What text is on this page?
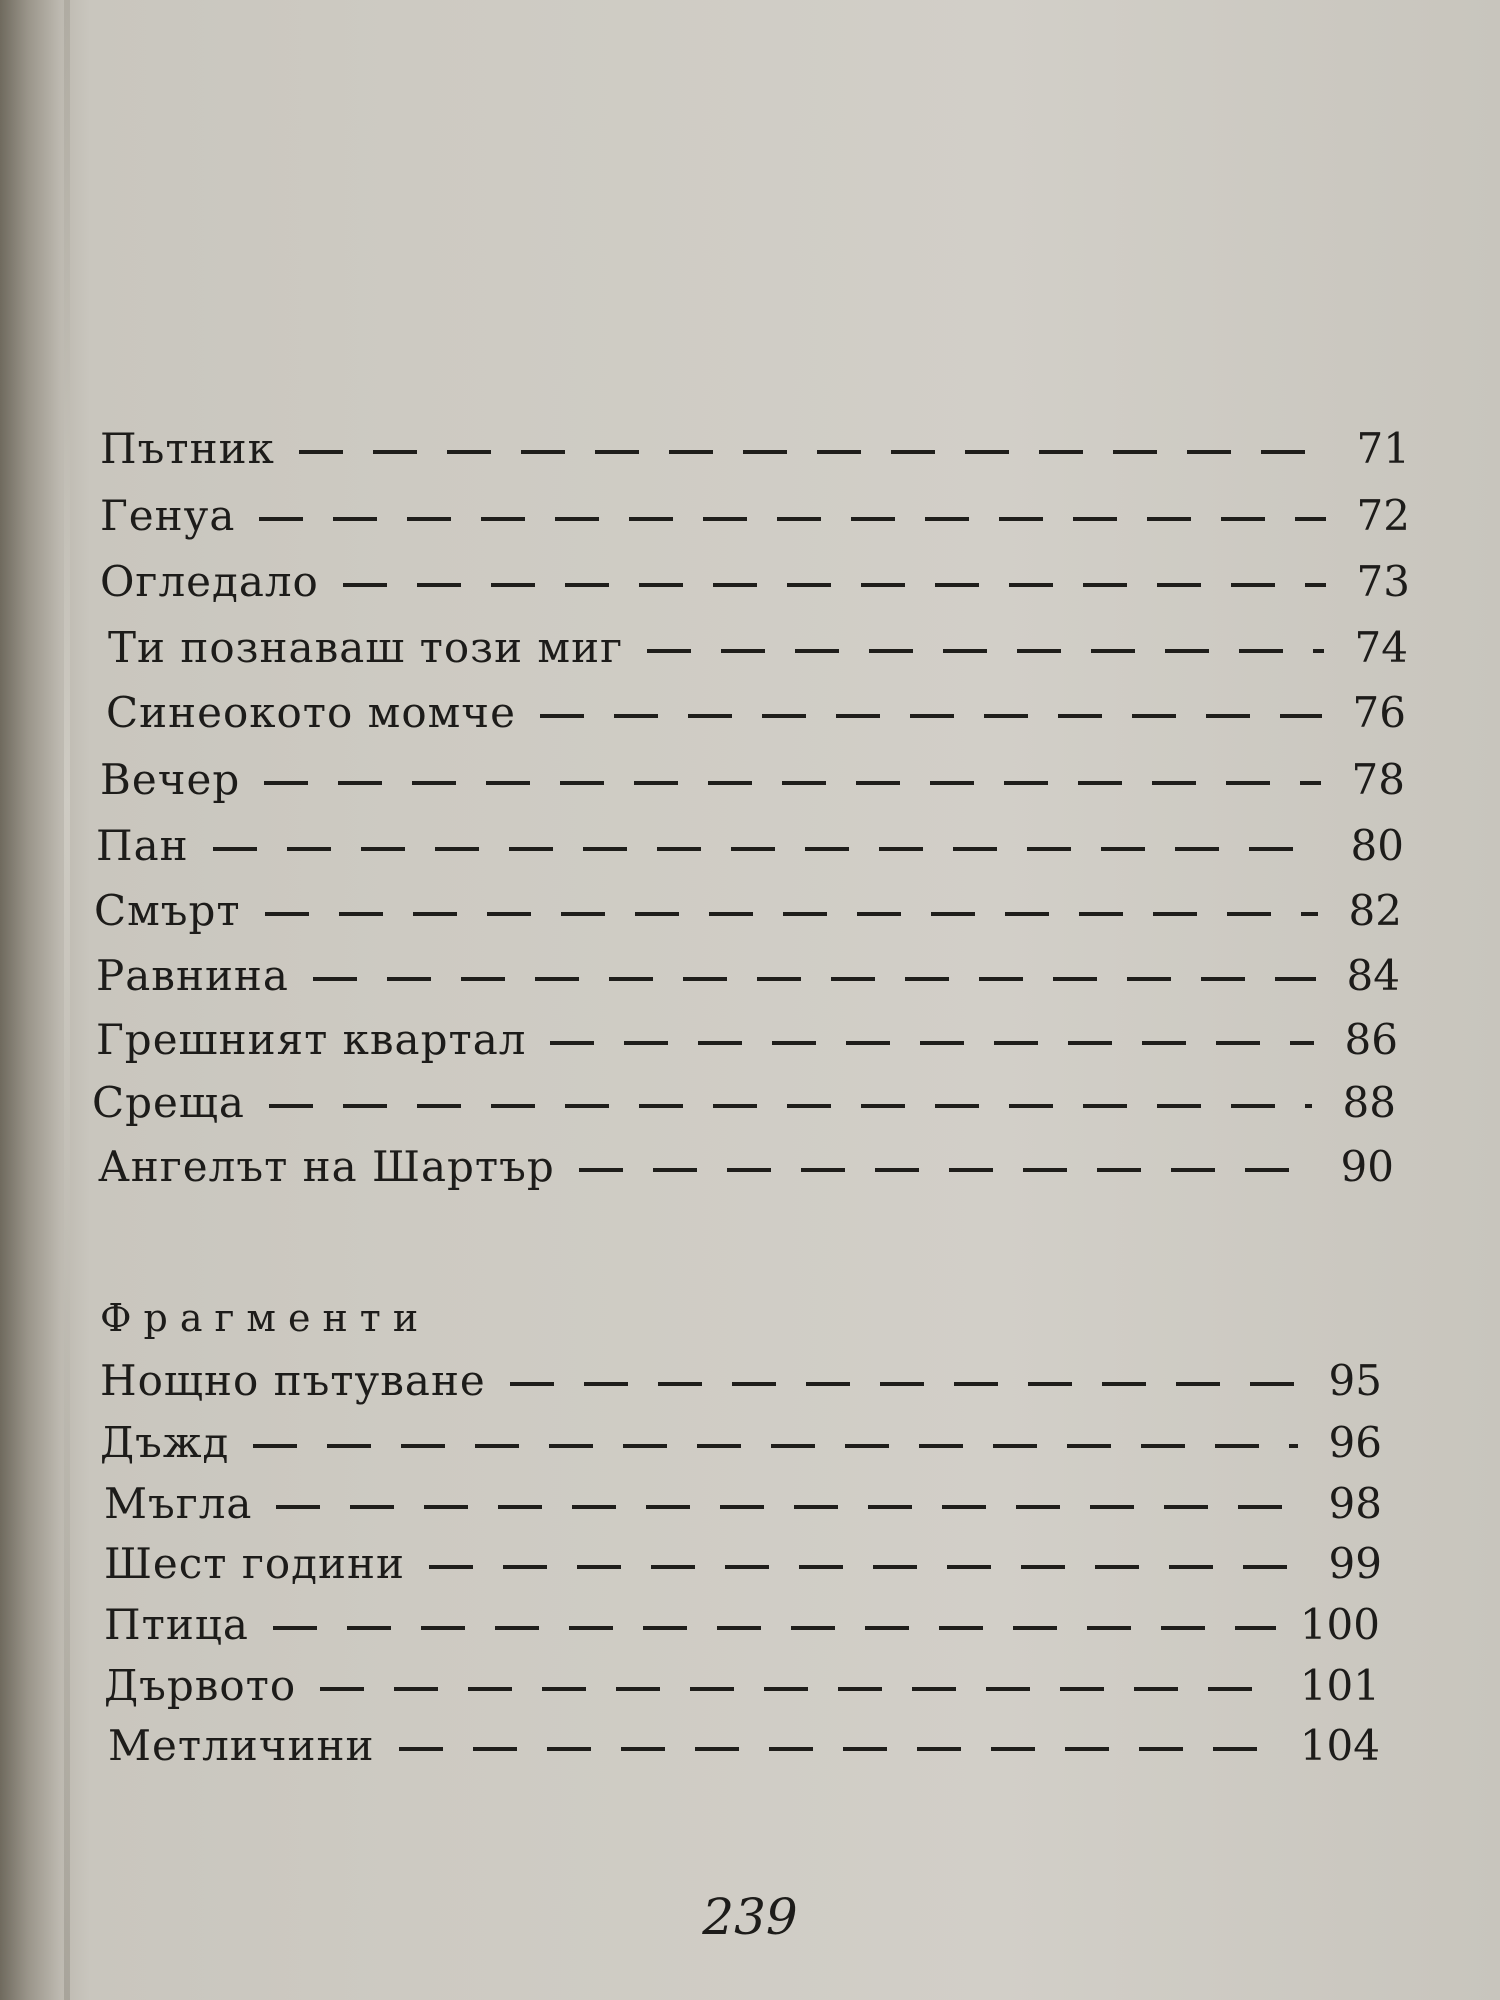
Пътник	71
Генуа	72
Огледало	73
Ти познаваш този миг	74
Синеокото момче	76
Вечер	78
Пан	80
Смърт	82
Равнина	84
Грешният квартал	86
Среща	88
Ангелът на Шартър	90
Фрагменти
Нощно пътуване	95
Дъжд	96
Мъгла	98
Шест години	99
Птица	100
Дървото	101
Метличини	104
239
